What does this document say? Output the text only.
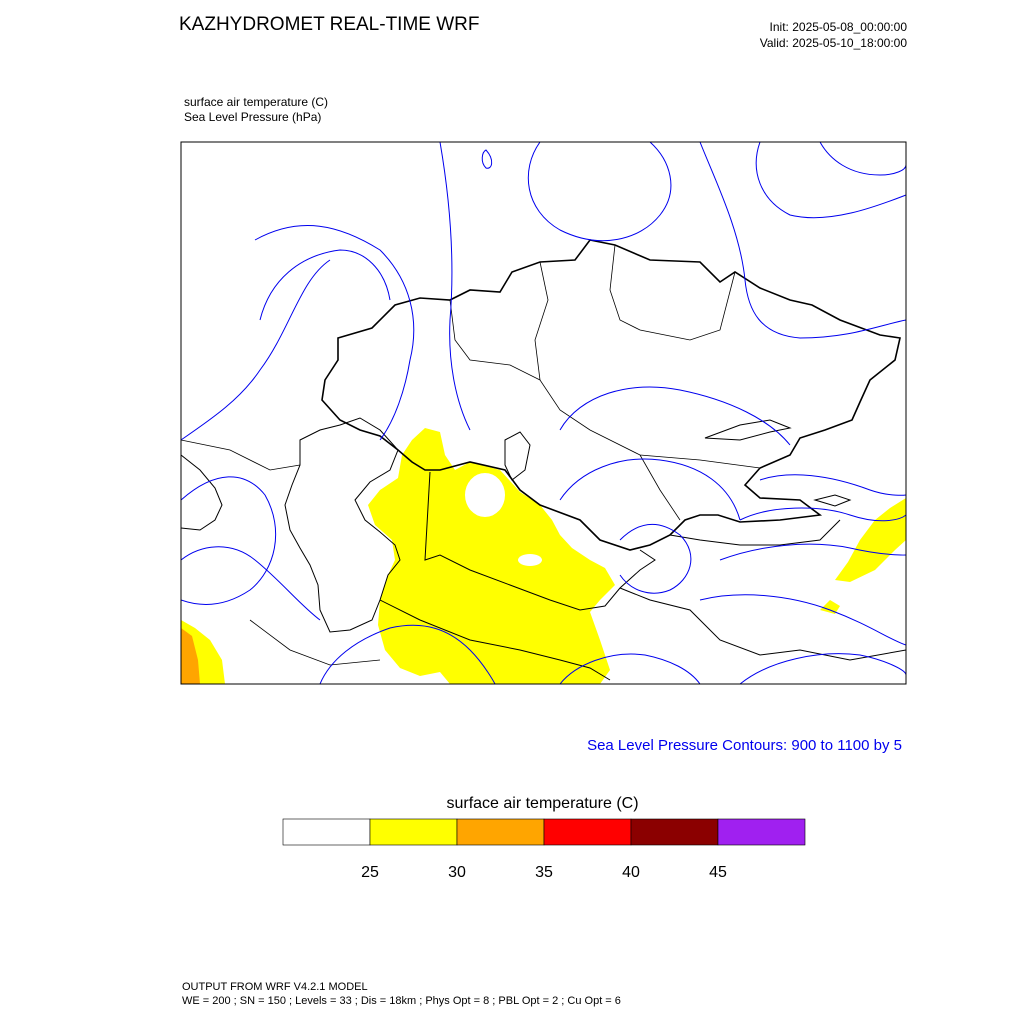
KAZHYDROMET REAL-TIME WRF	Init: 2025-05-08_00:00:00
Valid: 2025-05-10_18:00:00
surface air temperature (C)
Sea Level Pressure (hPa)
25	30	35	40	45
Sea Level Pressure Contours: 900 to 1100 by 5
surface air temperature (C)
OUTPUT FROM WRF V4.2.1 MODEL
WE = 200 ; SN = 150 ; Levels = 33 ; Dis = 18km ; Phys Opt = 8 ; PBL Opt = 2 ; Cu Opt = 6
